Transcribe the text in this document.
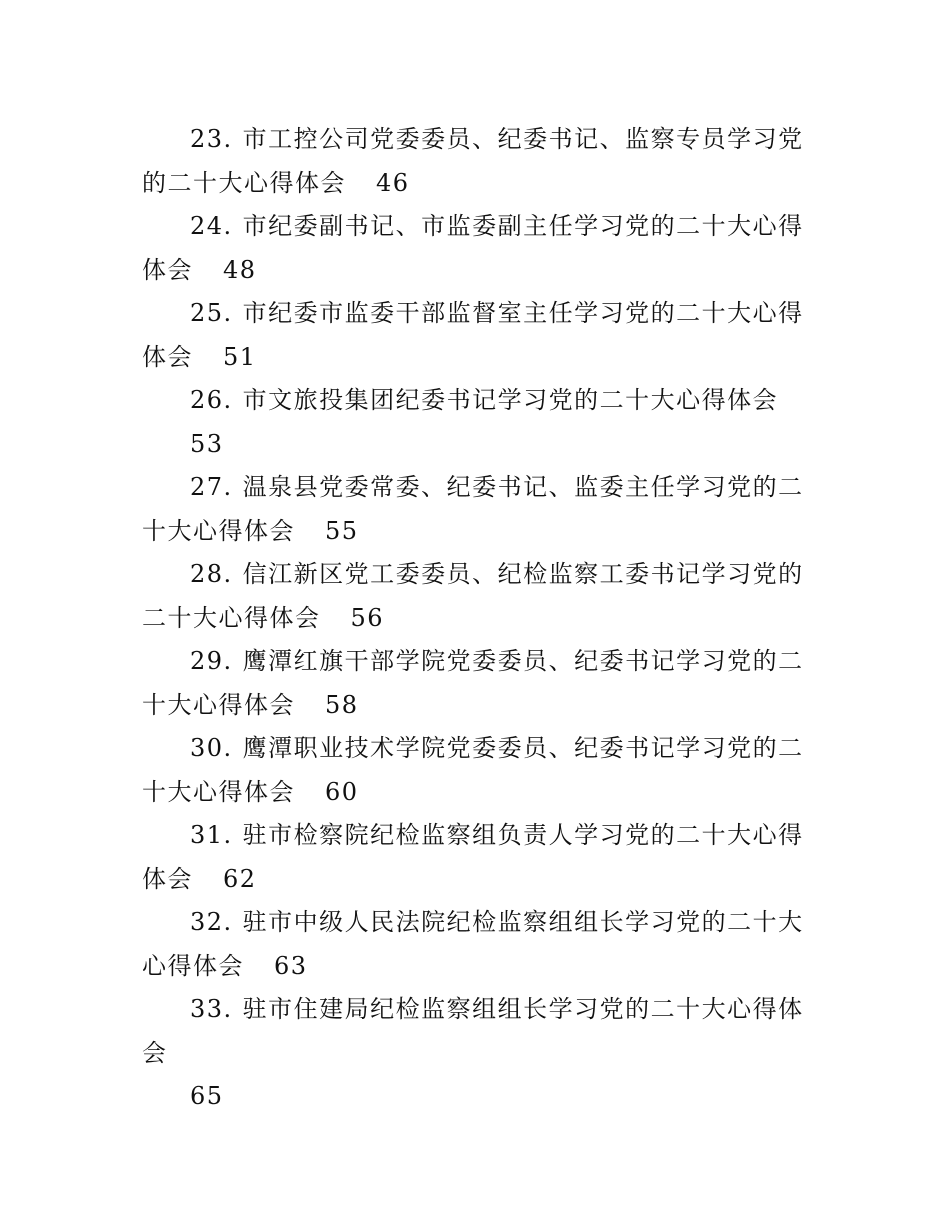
23. 市工控公司党委委员、纪委书记、监察专员学习党的二十大心得体会 46

24. 市纪委副书记、市监委副主任学习党的二十大心得体会 48

25. 市纪委市监委干部监督室主任学习党的二十大心得体会 51

26. 市文旅投集团纪委书记学习党的二十大心得体会
53

27. 温泉县党委常委、纪委书记、监委主任学习党的二十大心得体会 55

28. 信江新区党工委委员、纪检监察工委书记学习党的二十大心得体会 56

29. 鹰潭红旗干部学院党委委员、纪委书记学习党的二十大心得体会 58

30. 鹰潭职业技术学院党委委员、纪委书记学习党的二十大心得体会 60

31. 驻市检察院纪检监察组负责人学习党的二十大心得体会 62

32. 驻市中级人民法院纪检监察组组长学习党的二十大心得体会 63

33. 驻市住建局纪检监察组组长学习党的二十大心得体会
65
